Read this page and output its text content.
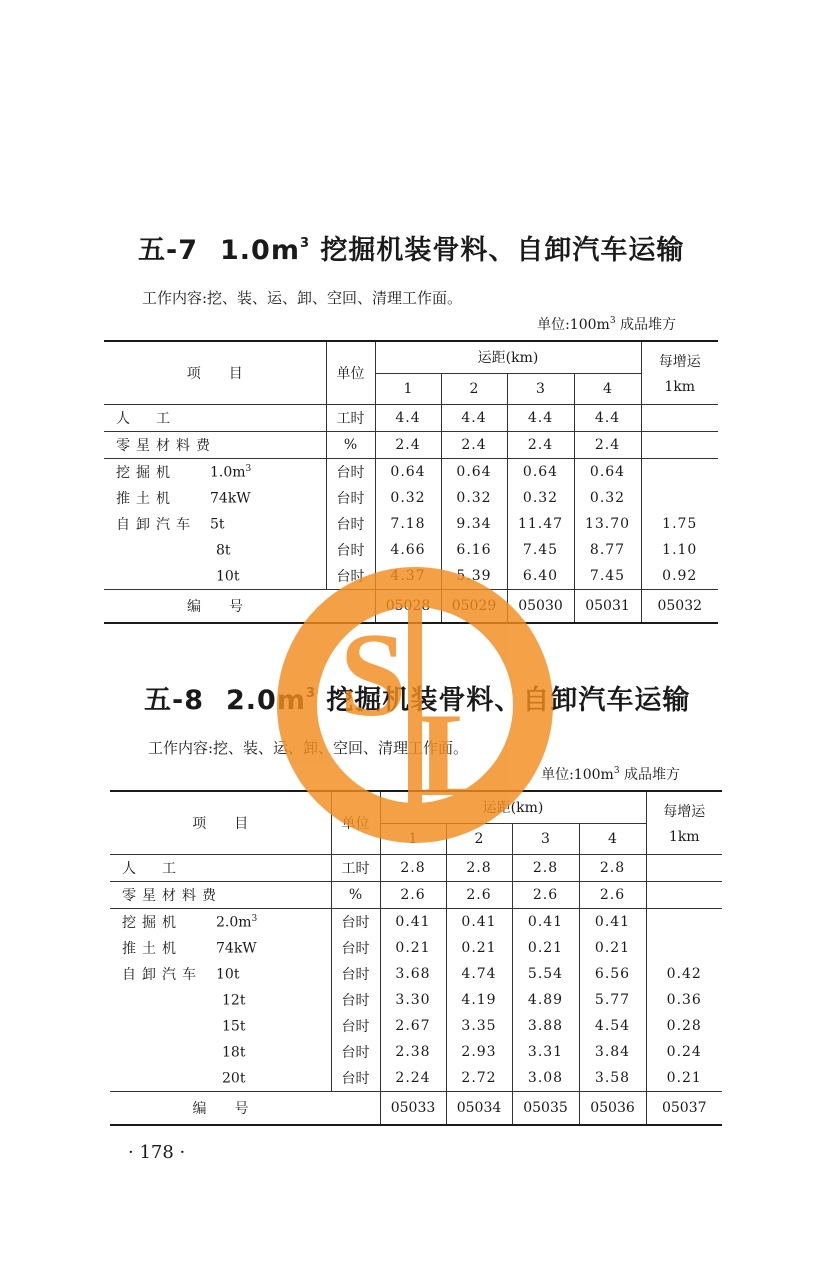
五-7 $1.0m^3$ 挖掘机装骨料、自卸汽车运输
工作内容:挖、装、运、卸、空回、清理工作面。
单位$:100m^3$ 成品堆方
项　　目	单位	运距(km)				每增运
1km

		1	2	3	4	
人　工	工时	4.4	4.4	4.4	4.4	
零星材料费	%	2.4	2.4	2.4	2.4	
挖掘机 $1.0m^3$	台时	0.64	0.64	0.64	0.64	
推土机 74kW	台时	0.32	0.32	0.32	0.32	
自卸汽车 5t	台时	7.18	9.34	11.47	13.70	1.75
8t	台时	4.66	6.16	7.45	8.77	1.10
10t	台时	4.37	5.39	6.40	7.45	0.92
编　　号		05028	05029	05030	05031	05032
五-8 $2.0m^3$ 挖掘机装骨料、自卸汽车运输
工作内容:挖、装、运、卸、空回、清理工作面。
单位$:100m^3$ 成品堆方
项　　目	单位	运距(km)				每增运
1km

		1	2	3	4	
人　工	工时	2.8	2.8	2.8	2.8	
零星材料费	%	2.6	2.6	2.6	2.6	
挖掘机 $2.0m^3$	台时	0.41	0.41	0.41	0.41	
推土机 74kW	台时	0.21	0.21	0.21	0.21	
自卸汽车 10t	台时	3.68	4.74	5.54	6.56	0.42
12t	台时	3.30	4.19	4.89	5.77	0.36
15t	台时	2.67	3.35	3.88	4.54	0.28
18t	台时	2.38	2.93	3.31	3.84	0.24
20t	台时	2.24	2.72	3.08	3.58	0.21
编　　号		05033	05034	05035	05036	05037
· 178 ·
S
L
